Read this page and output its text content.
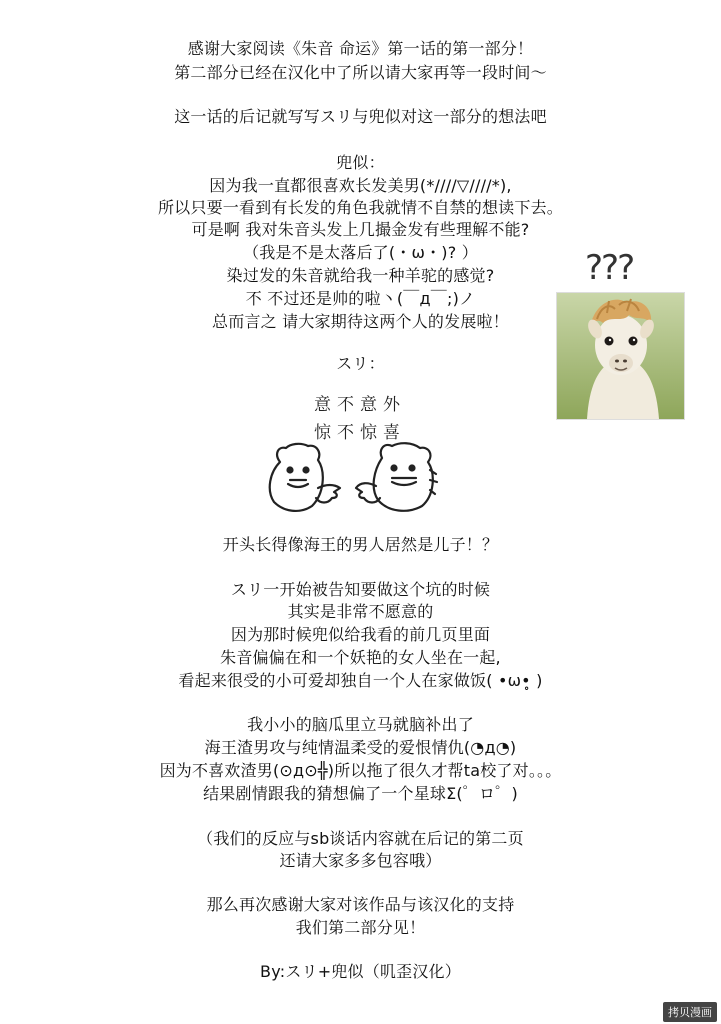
感谢大家阅读《朱音 命运》第一话的第一部分！
第二部分已经在汉化中了所以请大家再等一段时间〜
这一话的后记就写写スリ与兜似对这一部分的想法吧
兜似：
因为我一直都很喜欢长发美男(*////▽////*),
所以只要一看到有长发的角色我就情不自禁的想读下去。
可是啊 我对朱音头发上几撮金发有些理解不能?
（我是不是太落后了(・ω・)? ）
染过发的朱音就给我一种羊驼的感觉?
不 不过还是帅的啦丶(￣д￣;)ノ
总而言之 请大家期待这两个人的发展啦！
スリ：
开头长得像海王的男人居然是儿子！？
スリ一开始被告知要做这个坑的时候
其实是非常不愿意的
因为那时候兜似给我看的前几页里面
朱音偏偏在和一个妖艳的女人坐在一起,
看起来很受的小可爱却独自一个人在家做饭( •ω•̥ )
我小小的脑瓜里立马就脑补出了
海王渣男攻与纯情温柔受的爱恨情仇(◔д◔)
因为不喜欢渣男(⊙д⊙╬)所以拖了很久才帮ta校了对。。。
结果剧情跟我的猜想偏了一个星球Σ(゜ロ゜)
（我们的反应与sb谈话内容就在后记的第二页
还请大家多多包容哦）
那么再次感谢大家对该作品与该汉化的支持
我们第二部分见！
By:スリ+兜似（叽歪汉化）
???
意不意外
惊不惊喜
拷贝漫画
